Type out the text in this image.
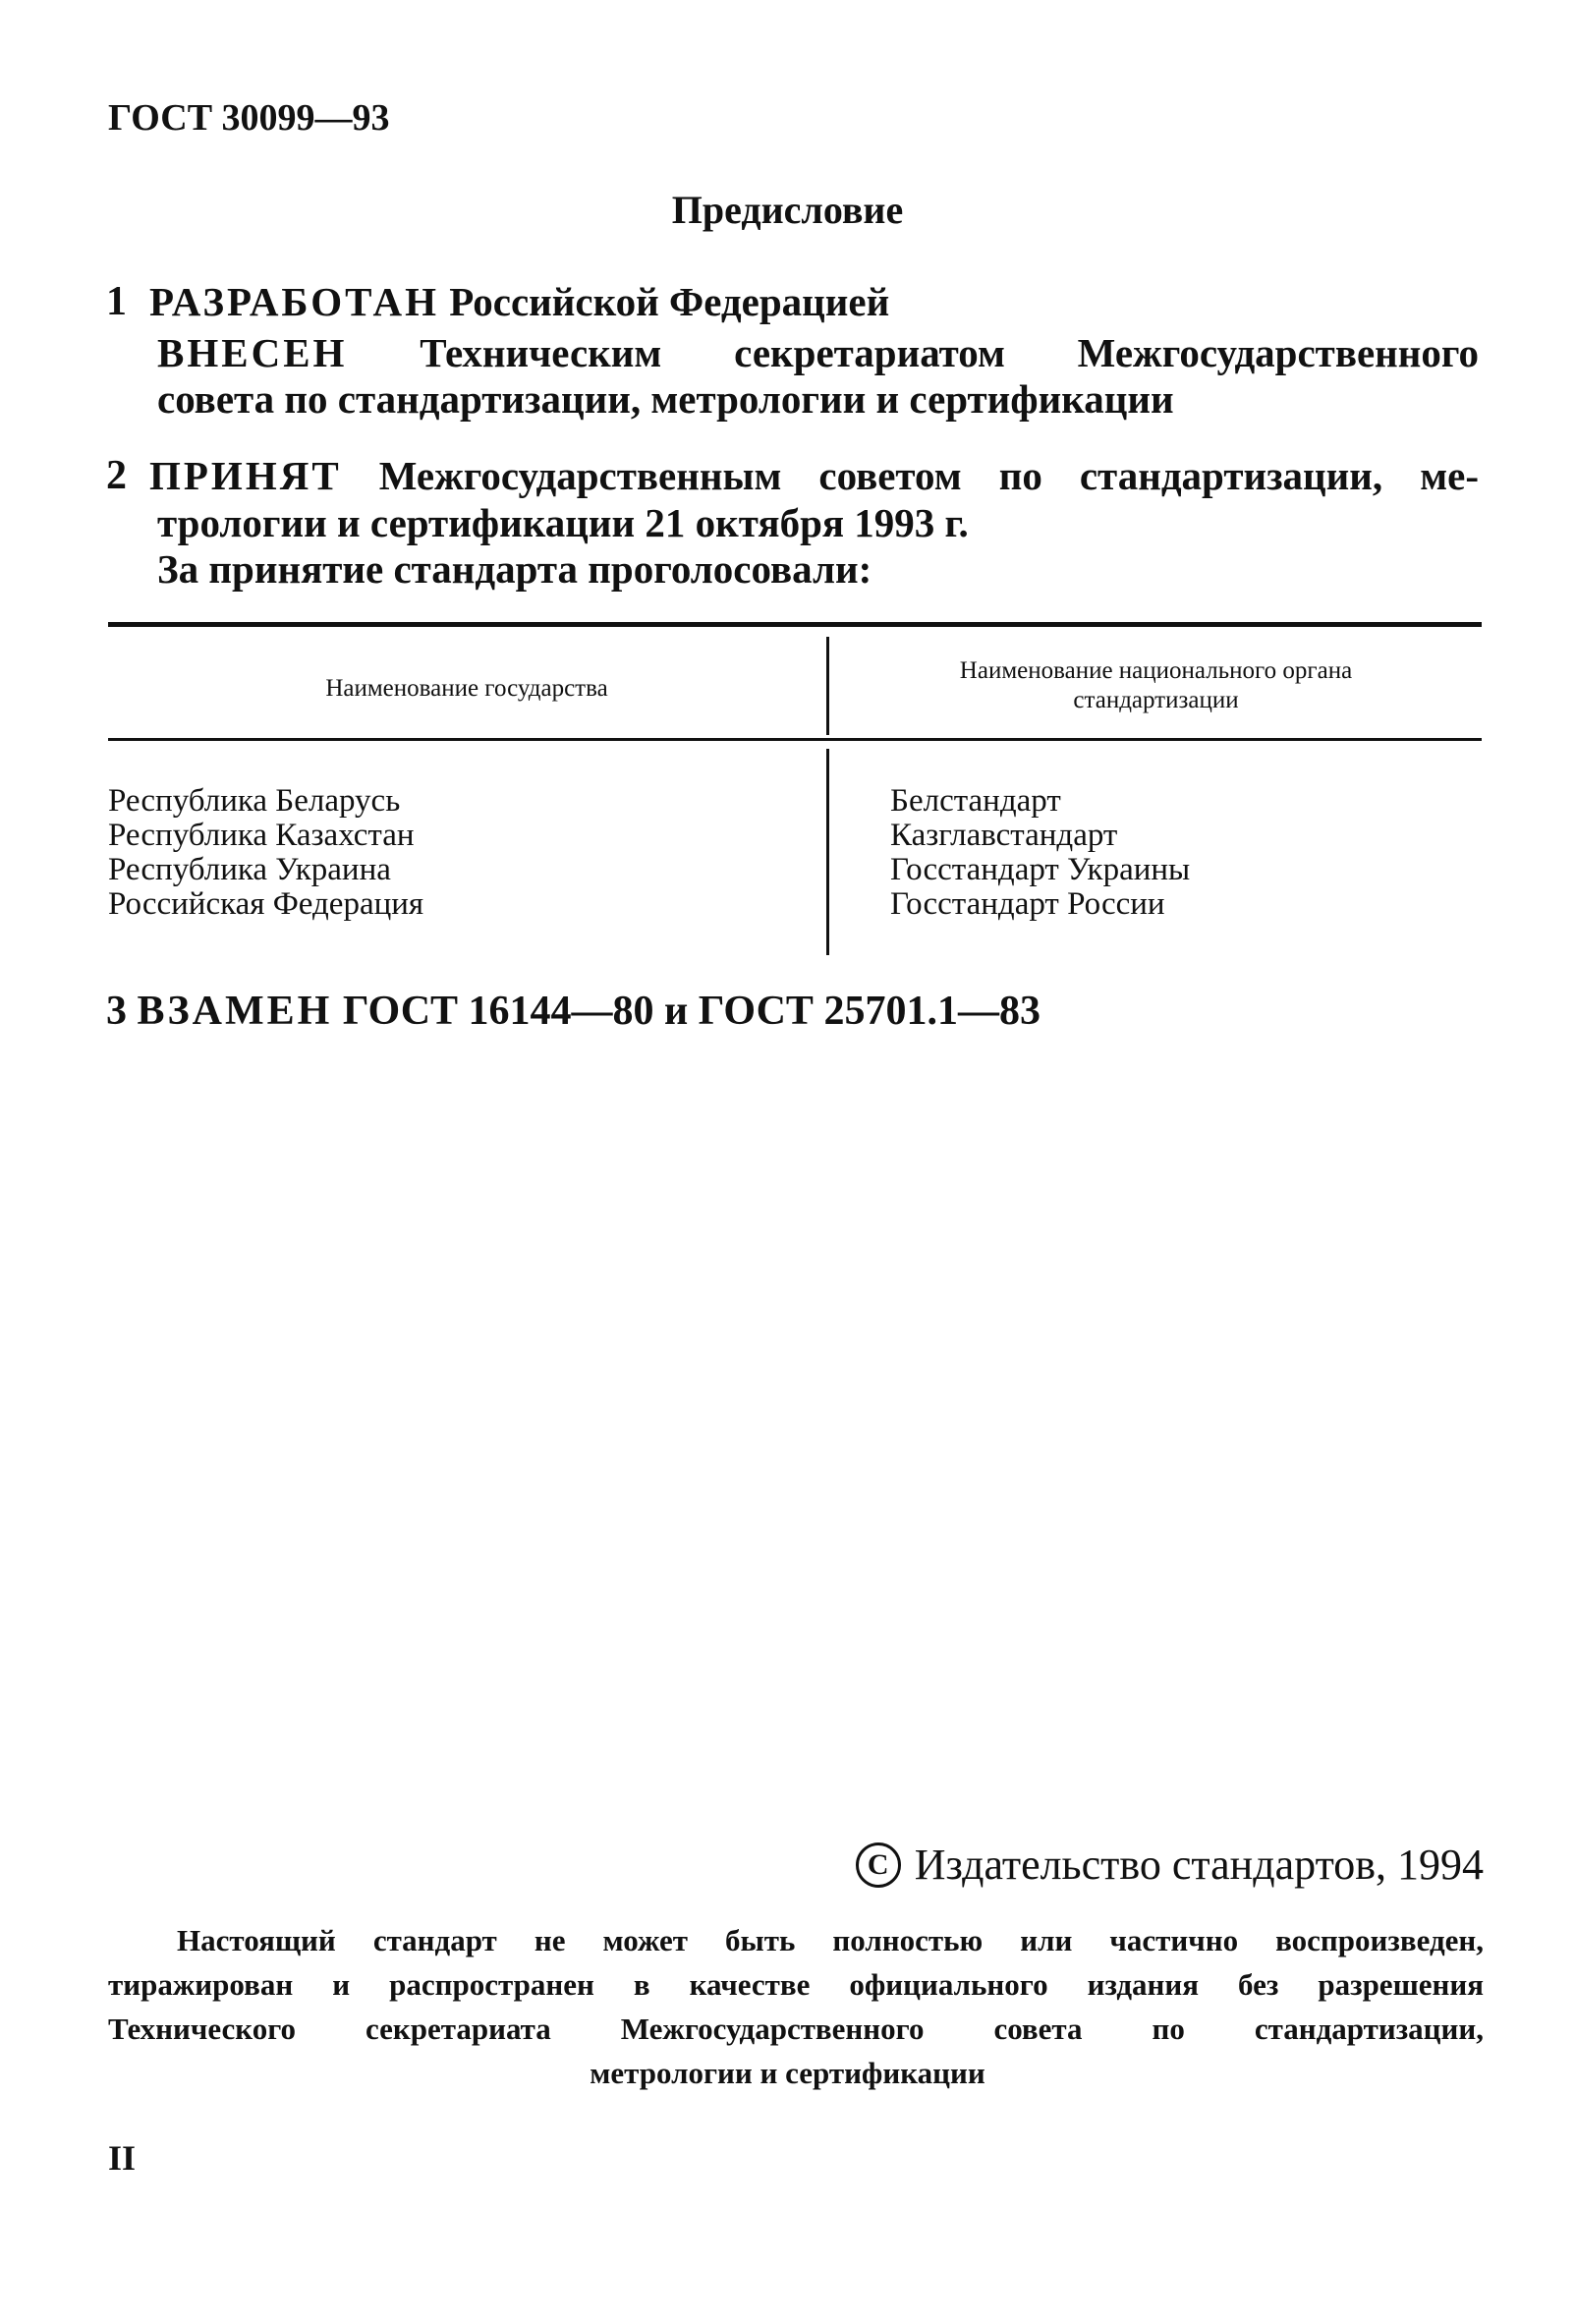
ГОСТ 30099—93
Предисловие
1 РАЗРАБОТАН Российской Федерацией
ВНЕСЕН Техническим секретариатом Межгосударственного
совета по стандартизации, метрологии и сертификации
2 ПРИНЯТ Межгосударственным советом по стандартизации, ме-
трологии и сертификации 21 октября 1993 г.
За принятие стандарта проголосовали:
Наименование государства
Наименование национального органа
стандартизации
Республика Беларусь
Республика Казахстан
Республика Украина
Российская Федерация
Белстандарт
Казглавстандарт
Госстандарт Украины
Госстандарт России
3 ВЗАМЕН ГОСТ 16144—80 и ГОСТ 25701.1—83
C Издательство стандартов, 1994
Настоящий стандарт не может быть полностью или частично воспроизведен,
тиражирован и распространен в качестве официального издания без разрешения
Технического секретариата Межгосударственного совета по стандартизации,
метрологии и сертификации
II
